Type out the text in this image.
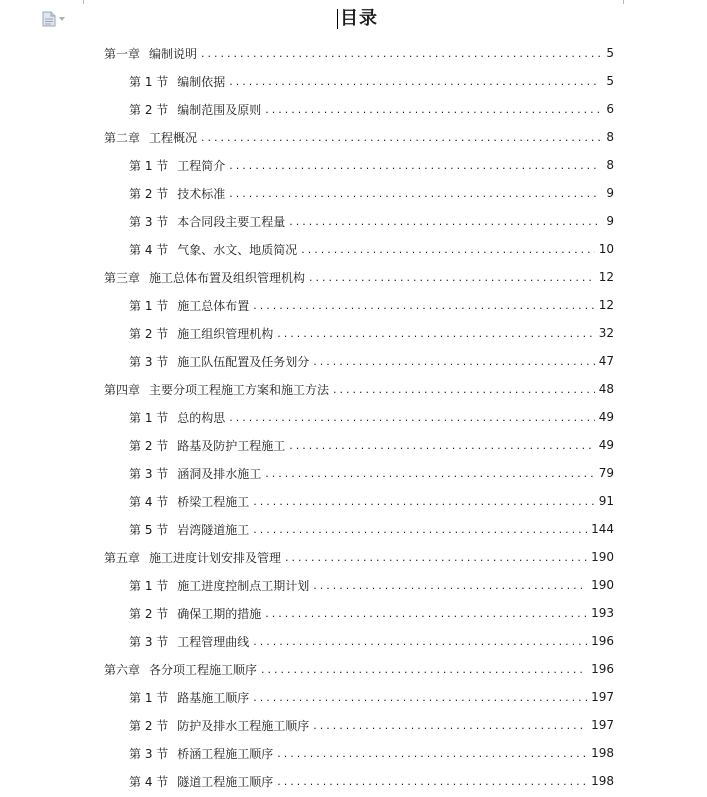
目录
第一章 编制说明 .....	5
第 1 节 编制依据 .....	5
第 2 节 编制范围及原则 .....	6
第二章 工程概况 .....	8
第 1 节 工程简介 .....	8
第 2 节 技术标准 .....	9
第 3 节 本合同段主要工程量 .....	9
第 4 节 气象、水文、地质简况 .....	10
第三章 施工总体布置及组织管理机构 .....	12
第 1 节 施工总体布置 .....	12
第 2 节 施工组织管理机构 .....	32
第 3 节 施工队伍配置及任务划分 .....	47
第四章 主要分项工程施工方案和施工方法 .....	48
第 1 节 总的构思 .....	49
第 2 节 路基及防护工程施工 .....	49
第 3 节 涵洞及排水施工 .....	79
第 4 节 桥梁工程施工 .....	91
第 5 节 岩湾隧道施工 .....	144
第五章 施工进度计划安排及管理 .....	190
第 1 节 施工进度控制点工期计划 .....	190
第 2 节 确保工期的措施 .....	193
第 3 节 工程管理曲线 .....	196
第六章 各分项工程施工顺序 .....	196
第 1 节 路基施工顺序 .....	197
第 2 节 防护及排水工程施工顺序 .....	197
第 3 节 桥涵工程施工顺序 .....	198
第 4 节 隧道工程施工顺序 .....	198
